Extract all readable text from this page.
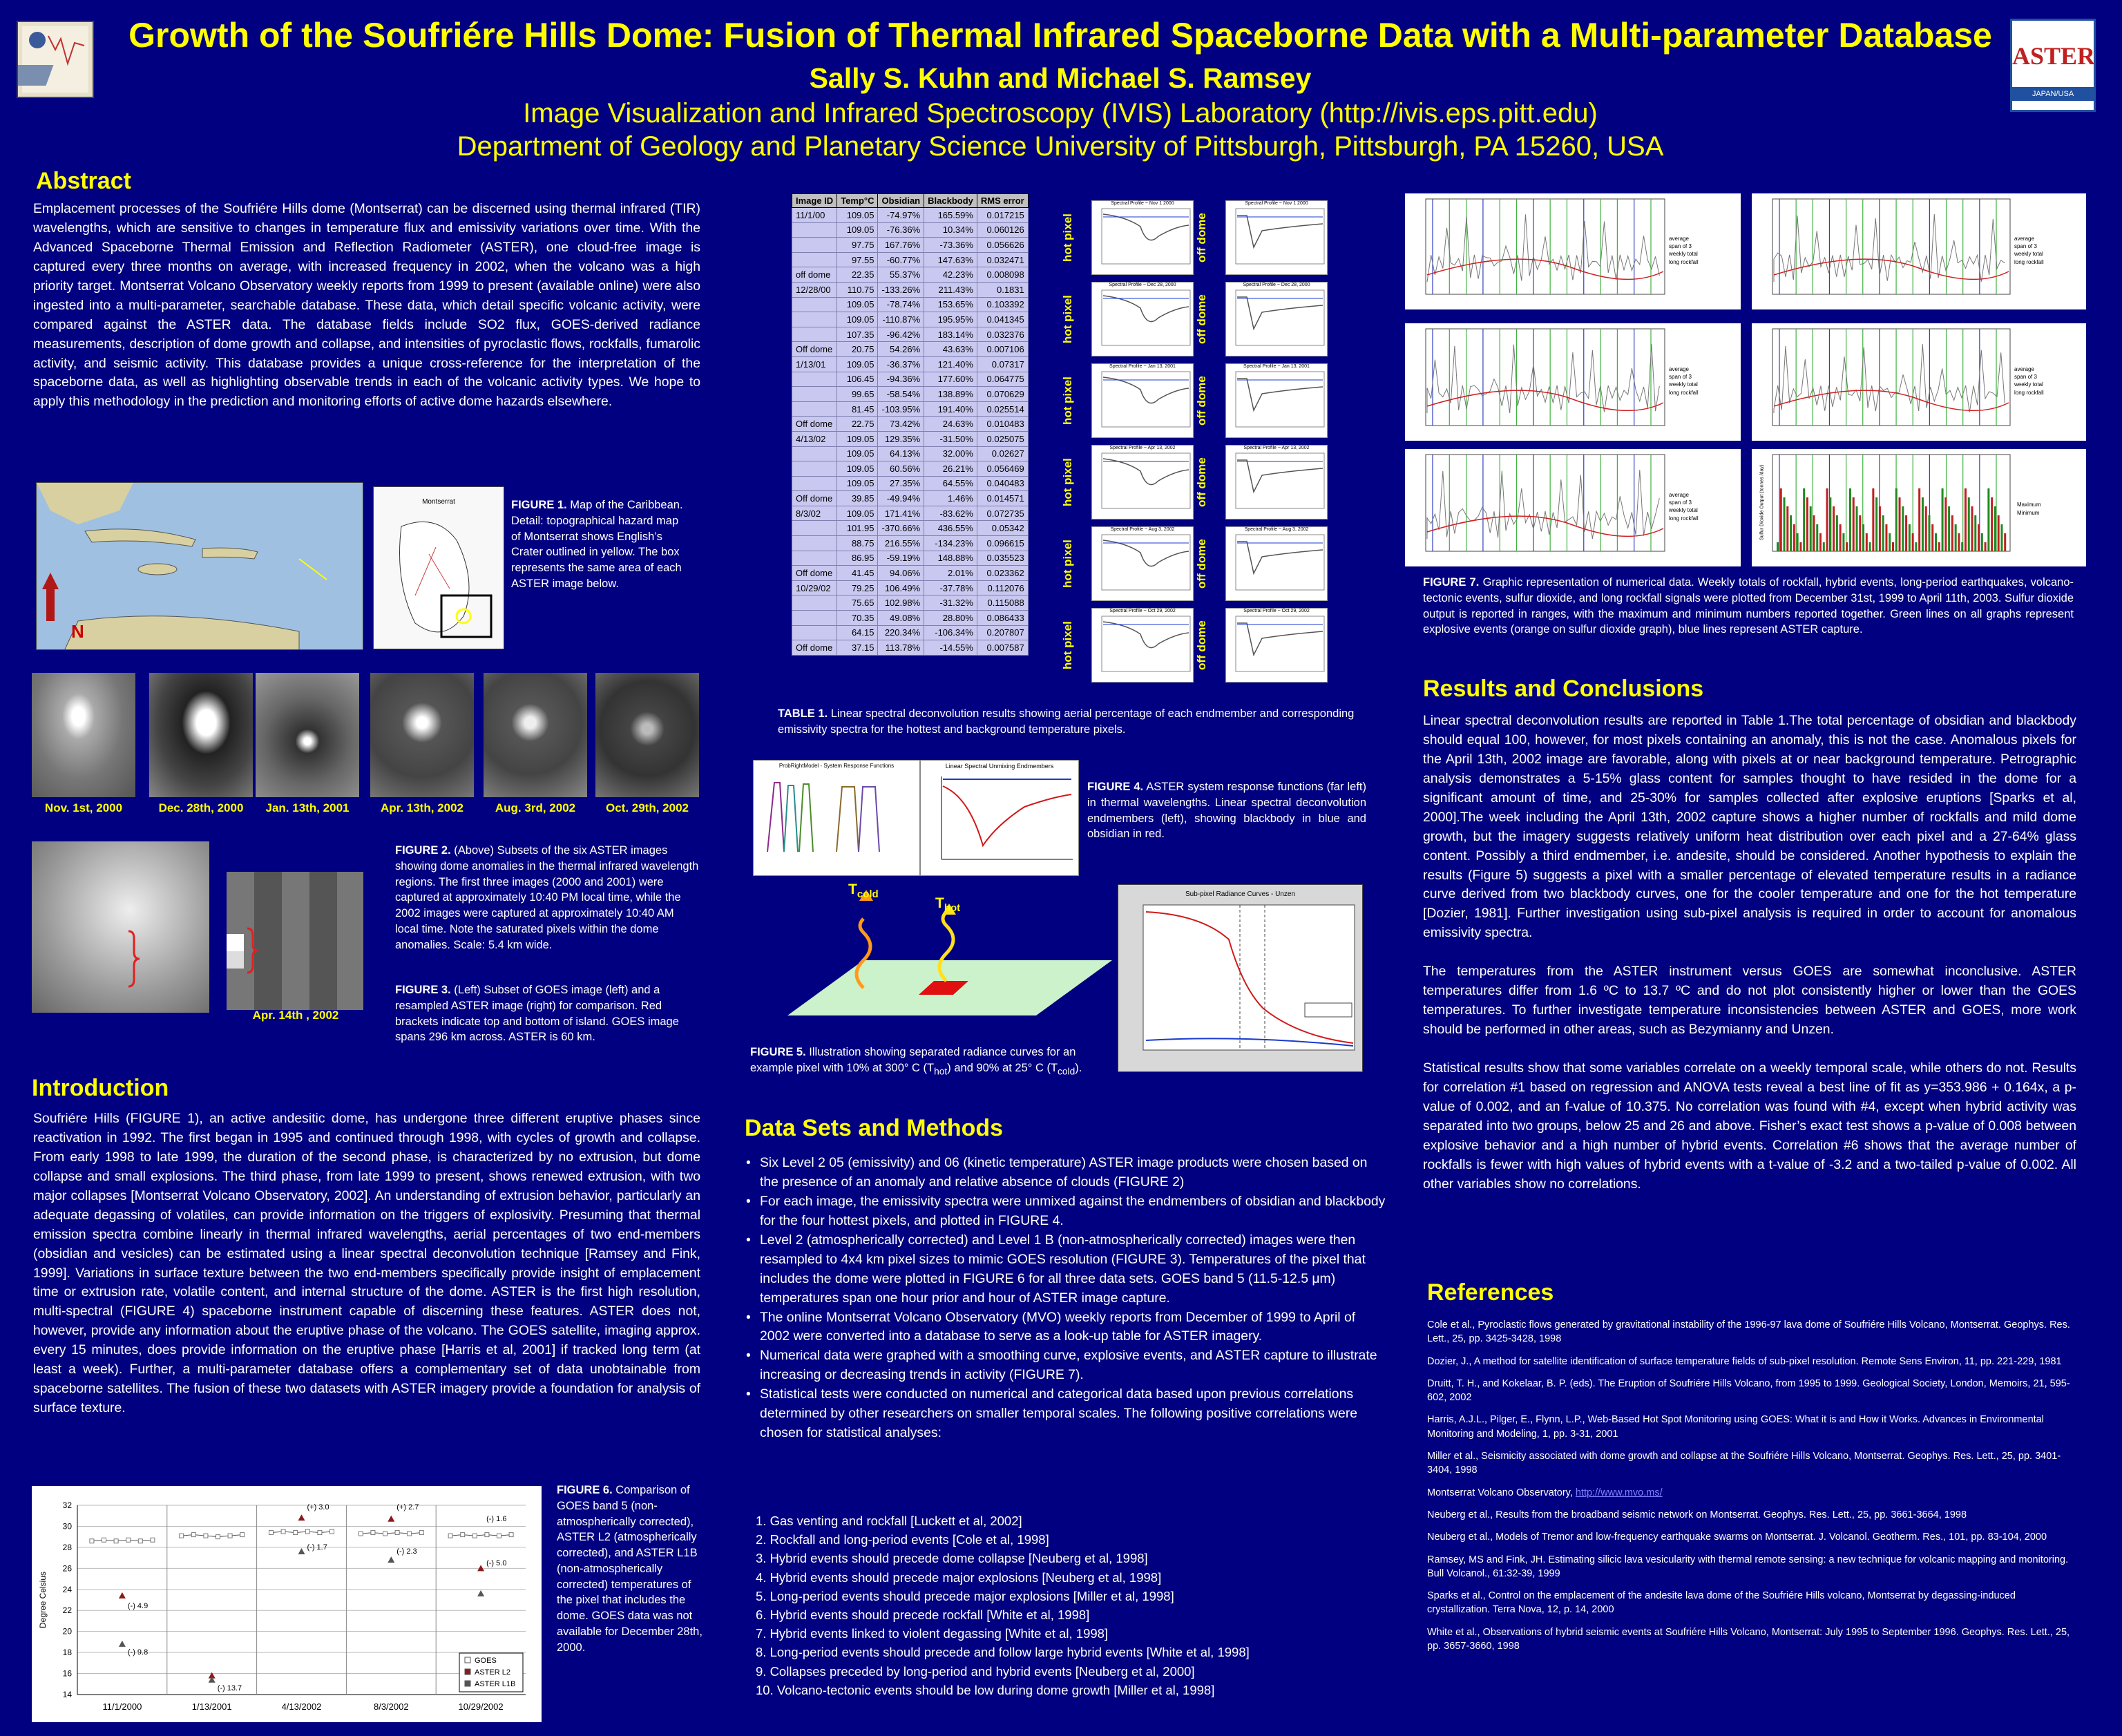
Growth of the Soufriére Hills Dome: Fusion of Thermal Infrared Spaceborne Data with a Multi-parameter Database
Sally S. Kuhn and Michael S. Ramsey
Image Visualization and Infrared Spectroscopy (IVIS) Laboratory (http://ivis.eps.pitt.edu)
Department of Geology and Planetary Science University of Pittsburgh, Pittsburgh, PA 15260, USA
ASTER
JAPAN/USA
Abstract
Emplacement processes of the Soufriére Hills dome (Montserrat) can be discerned using thermal infrared (TIR) wavelengths, which are sensitive to changes in temperature flux and emissivity variations over time. With the Advanced Spaceborne Thermal Emission and Reflection Radiometer (ASTER), one cloud-free image is captured every three months on average, with increased frequency in 2002, when the volcano was a high priority target. Montserrat Volcano Observatory weekly reports from 1999 to present (available online) were also ingested into a multi-parameter, searchable database. These data, which detail specific volcanic activity, were compared against the ASTER data. The database fields include SO2 flux, GOES-derived radiance measurements, description of dome growth and collapse, and intensities of pyroclastic flows, rockfalls, fumarolic activity, and seismic activity. This database provides a unique cross-reference for the interpretation of the spaceborne data, as well as highlighting observable trends in each of the volcanic activity types. We hope to apply this methodology in the prediction and monitoring efforts of active dome hazards elsewhere.
N
Montserrat	FIGURE 1. Map of the Caribbean. Detail: topographical hazard map of Montserrat shows English’s Crater outlined in yellow. The box represents the same area of each ASTER image below.
Nov. 1st, 2000	Dec. 28th, 2000	Jan. 13th, 2001	Apr. 13th, 2002	Aug. 3rd, 2002	Oct. 29th, 2002
Apr. 14th , 2002
FIGURE 2. (Above) Subsets of the six ASTER images showing dome anomalies in the thermal infrared wavelength regions. The first three images (2000 and 2001) were captured at approximately 10:40 PM local time, while the 2002 images were captured at approximately 10:40 AM local time. Note the saturated pixels within the dome anomalies. Scale: 5.4 km wide.
FIGURE 3. (Left) Subset of GOES image (left) and a resampled ASTER image (right) for comparison. Red brackets indicate top and bottom of island. GOES image spans 296 km across. ASTER is 60 km.
Introduction
Soufriére Hills (FIGURE 1), an active andesitic dome, has undergone three different eruptive phases since reactivation in 1992. The first began in 1995 and continued through 1998, with cycles of growth and collapse. From early 1998 to late 1999, the duration of the second phase, is characterized by no extrusion, but dome collapse and small explosions. The third phase, from late 1999 to present, shows renewed extrusion, with two major collapses [Montserrat Volcano Observatory, 2002]. An understanding of extrusion behavior, particularly an adequate degassing of volatiles, can provide information on the triggers of explosivity. Presuming that thermal emission spectra combine linearly in thermal infrared wavelengths, aerial percentages of two end-members (obsidian and vesicles) can be estimated using a linear spectral deconvolution technique [Ramsey and Fink, 1999]. Variations in surface texture between the two end-members specifically provide insight of emplacement time or extrusion rate, volatile content, and internal structure of the dome. ASTER is the first high resolution, multi-spectral (FIGURE 4) spaceborne instrument capable of discerning these features. ASTER does not, however, provide any information about the eruptive phase of the volcano. The GOES satellite, imaging approx. every 15 minutes, does provide information on the eruptive phase [Harris et al, 2001] if tracked long term (at least a week). Further, a multi-parameter database offers a complementary set of data unobtainable from spaceborne satellites. The fusion of these two datasets with ASTER imagery provide a foundation for analysis of surface texture.
14
16
18
20
22
24
26
28
30
32
Degree Celsius
11/1/2000	1/13/2001	4/13/2002	8/3/2002	10/29/2002
(-) 4.9
(-) 9.8
(-) 13.7
(+) 3.0
(-) 1.7
(+) 2.7
(-) 2.3
(-) 1.6
(-) 5.0
GOES
ASTER L2
ASTER L1B
FIGURE 6. Comparison of GOES band 5 (non-atmospherically corrected), ASTER L2 (atmospherically corrected), and ASTER L1B (non-atmospherically corrected) temperatures of the pixel that includes the dome. GOES data was not available for December 28th, 2000.
Image ID	Temp°C	Obsidian	Blackbody	RMS error
11/1/00	109.05	-74.97%	165.59%	0.017215
	109.05	-76.36%	10.34%	0.060126
	97.75	167.76%	-73.36%	0.056626
	97.55	-60.77%	147.63%	0.032471
off dome	22.35	55.37%	42.23%	0.008098
12/28/00	110.75	-133.26%	211.43%	0.1831
	109.05	-78.74%	153.65%	0.103392
	109.05	-110.87%	195.95%	0.041345
	107.35	-96.42%	183.14%	0.032376
Off dome	20.75	54.26%	43.63%	0.007106
1/13/01	109.05	-36.37%	121.40%	0.07317
	106.45	-94.36%	177.60%	0.064775
	99.65	-58.54%	138.89%	0.070629
	81.45	-103.95%	191.40%	0.025514
Off dome	22.75	73.42%	24.63%	0.010483
4/13/02	109.05	129.35%	-31.50%	0.025075
	109.05	64.13%	32.00%	0.02627
	109.05	60.56%	26.21%	0.056469
	109.05	27.35%	64.55%	0.040483
Off dome	39.85	-49.94%	1.46%	0.014571
8/3/02	109.05	171.41%	-83.62%	0.072735
	101.95	-370.66%	436.55%	0.05342
	88.75	216.55%	-134.23%	0.096615
	86.95	-59.19%	148.88%	0.035523
Off dome	41.45	94.06%	2.01%	0.023362
10/29/02	79.25	106.49%	-37.78%	0.112076
	75.65	102.98%	-31.32%	0.115088
	70.35	49.08%	28.80%	0.086433
	64.15	220.34%	-106.34%	0.207807
Off dome	37.15	113.78%	-14.55%	0.007587
hot pixel	off dome
Spectral Profile ~ Nov 1 2000	Spectral Profile ~ Nov 1 2000
hot pixel	off dome
Spectral Profile ~ Dec 28, 2000	Spectral Profile ~ Dec 28, 2000
hot pixel	off dome
Spectral Profile ~ Jan 13, 2001	Spectral Profile ~ Jan 13, 2001
hot pixel	off dome
Spectral Profile ~ Apr 13, 2002	Spectral Profile ~ Apr 13, 2002
hot pixel	off dome
Spectral Profile ~ Aug 3, 2002	Spectral Profile ~ Aug 3, 2002
hot pixel	off dome
Spectral Profile ~ Oct 29, 2002	Spectral Profile ~ Oct 29, 2002
TABLE 1. Linear spectral deconvolution results showing aerial percentage of each endmember and corresponding emissivity spectra for the hottest and background temperature pixels.
ProbRightModel - System Response Functions	Linear Spectral Unmixing Endmembers
FIGURE 4. ASTER system response functions (far left) in thermal wavelengths. Linear spectral deconvolution endmembers (left), showing blackbody in blue and obsidian in red.
$T_{cold}$
$T_{hot}$
Sub-pixel Radiance Curves - Unzen
FIGURE 5. Illustration showing separated radiance curves for an example pixel with 10% at 300° C $(T_{hot})$ and 90% at 25° C $(T_{cold})$.
Data Sets and Methods
• Six Level 2 05 (emissivity) and 06 (kinetic temperature) ASTER image products were chosen based on the presence of an anomaly and relative absence of clouds (FIGURE 2)
• For each image, the emissivity spectra were unmixed against the endmembers of obsidian and blackbody for the four hottest pixels, and plotted in FIGURE 4.
• Level 2 (atmospherically corrected) and Level 1 B (non-atmospherically corrected) images were then resampled to 4x4 km pixel sizes to mimic GOES resolution (FIGURE 3). Temperatures of the pixel that includes the dome were plotted in FIGURE 6 for all three data sets. GOES band 5 (11.5-12.5 μm) temperatures span one hour prior and hour of ASTER image capture.
• The online Montserrat Volcano Observatory (MVO) weekly reports from December of 1999 to April of 2002 were converted into a database to serve as a look-up table for ASTER imagery.
• Numerical data were graphed with a smoothing curve, explosive events, and ASTER capture to illustrate increasing or decreasing trends in activity (FIGURE 7).
• Statistical tests were conducted on numerical and categorical data based upon previous correlations determined by other researchers on smaller temporal scales. The following positive correlations were chosen for statistical analyses:
1. Gas venting and rockfall [Luckett et al, 2002]
2. Rockfall and long-period events [Cole et al, 1998]
3. Hybrid events should precede dome collapse [Neuberg et al, 1998]
4. Hybrid events should precede major explosions [Neuberg et al, 1998]
5. Long-period events should precede major explosions [Miller et al, 1998]
6. Hybrid events should precede rockfall [White et al, 1998]
7. Hybrid events linked to violent degassing [White et al, 1998]
8. Long-period events should precede and follow large hybrid events [White et al, 1998]
9. Collapses preceded by long-period and hybrid events [Neuberg et al, 2000]
10. Volcano-tectonic events should be low during dome growth [Miller et al, 1998]
average
span of 3
weekly total
long rockfall
average
span of 3
weekly total
long rockfall
average
span of 3
weekly total
long rockfall
average
span of 3
weekly total
long rockfall
average
span of 3
weekly total
long rockfall
Maximum
Minimum
Sulfur Dioxide Output (tonnes /day)
FIGURE 7. Graphic representation of numerical data. Weekly totals of rockfall, hybrid events, long-period earthquakes, volcano-tectonic events, sulfur dioxide, and long rockfall signals were plotted from December 31st, 1999 to April 11th, 2003. Sulfur dioxide output is reported in ranges, with the maximum and minimum numbers reported together. Green lines on all graphs represent explosive events (orange on sulfur dioxide graph), blue lines represent ASTER capture.
Results and Conclusions

Linear spectral deconvolution results are reported in Table 1.The total percentage of obsidian and blackbody should equal 100, however, for most pixels containing an anomaly, this is not the case. Anomalous pixels for the April 13th, 2002 image are favorable, along with pixels at or near background temperature. Petrographic analysis demonstrates a 5-15% glass content for samples thought to have resided in the dome for a significant amount of time, and 25-30% for samples collected after explosive eruptions [Sparks et al, 2000].The week including the April 13th, 2002 capture shows a higher number of rockfalls and mild dome growth, but the imagery suggests relatively uniform heat distribution over each pixel and a 27-64% glass content. Possibly a third endmember, i.e. andesite, should be considered. Another hypothesis to explain the results (Figure 5) suggests a pixel with a smaller percentage of elevated temperature results in a radiance curve derived from two blackbody curves, one for the cooler temperature and one for the hot temperature [Dozier, 1981]. Further investigation using sub-pixel analysis is required in order to account for anomalous emissivity spectra.

The temperatures from the ASTER instrument versus GOES are somewhat inconclusive. ASTER temperatures differ from 1.6 ºC to 13.7 ºC and do not plot consistently higher or lower than the GOES temperatures. To further investigate temperature inconsistencies between ASTER and GOES, more work should be performed in other areas, such as Bezymianny and Unzen.

Statistical results show that some variables correlate on a weekly temporal scale, while others do not. Results for correlation #1 based on regression and ANOVA tests reveal a best line of fit as y=353.986 + 0.164x, a p-value of 0.002, and an f-value of 10.375. No correlation was found with #4, except when hybrid activity was separated into two groups, below 25 and 26 and above. Fisher’s exact test shows a p-value of 0.008 between explosive behavior and a high number of hybrid events. Correlation #6 shows that the average number of rockfalls is fewer with high values of hybrid events with a t-value of -3.2 and a two-tailed p-value of 0.002. All other variables show no correlations.

References
Cole et al., Pyroclastic flows generated by gravitational instability of the 1996-97 lava dome of Soufriére Hills Volcano, Montserrat. Geophys. Res. Lett., 25, pp. 3425-3428, 1998
Dozier, J., A method for satellite identification of surface temperature fields of sub-pixel resolution. Remote Sens Environ, 11, pp. 221-229, 1981
Druitt, T. H., and Kokelaar, B. P. (eds). The Eruption of Soufriére Hills Volcano, from 1995 to 1999. Geological Society, London, Memoirs, 21, 595-602, 2002
Harris, A.J.L., Pilger, E., Flynn, L.P., Web-Based Hot Spot Monitoring using GOES: What it is and How it Works. Advances in Environmental Monitoring and Modeling, 1, pp. 3-31, 2001
Miller et al., Seismicity associated with dome growth and collapse at the Soufriére Hills Volcano, Montserrat. Geophys. Res. Lett., 25, pp. 3401-3404, 1998
Montserrat Volcano Observatory, http://www.mvo.ms/
Neuberg et al., Results from the broadband seismic network on Montserrat. Geophys. Res. Lett., 25, pp. 3661-3664, 1998
Neuberg et al., Models of Tremor and low-frequency earthquake swarms on Montserrat. J. Volcanol. Geotherm. Res., 101, pp. 83-104, 2000
Ramsey, MS and Fink, JH. Estimating silicic lava vesicularity with thermal remote sensing: a new technique for volcanic mapping and monitoring. Bull Volcanol., 61:32-39, 1999
Sparks et al., Control on the emplacement of the andesite lava dome of the Soufriére Hills volcano, Montserrat by degassing-induced crystallization. Terra Nova, 12, p. 14, 2000
White et al., Observations of hybrid seismic events at Soufriére Hills Volcano, Montserrat: July 1995 to September 1996. Geophys. Res. Lett., 25, pp. 3657-3660, 1998
